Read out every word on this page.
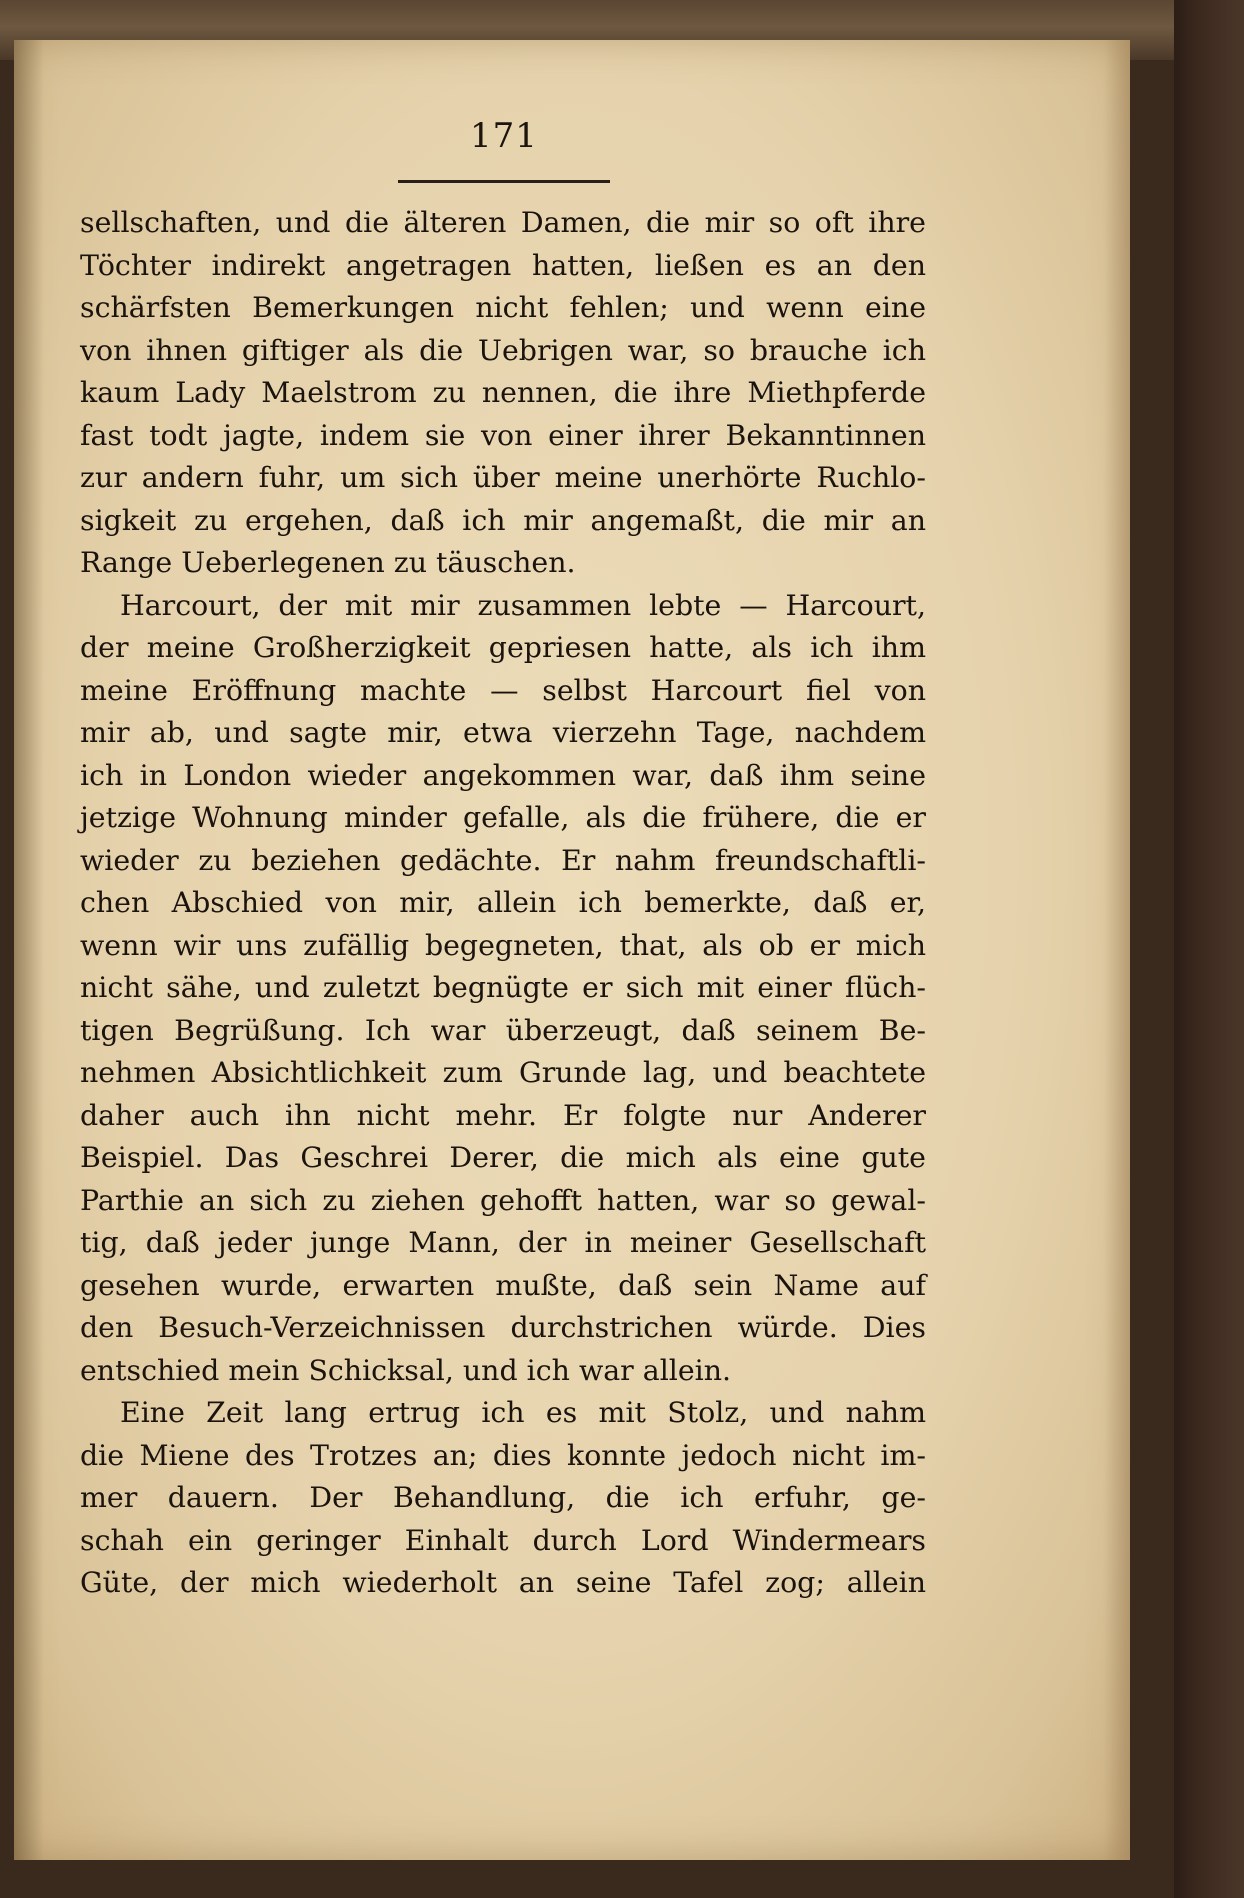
171
sellschaften, und die älteren Damen, die mir so oft ihre
Töchter indirekt angetragen hatten, ließen es an den
schärfsten Bemerkungen nicht fehlen; und wenn eine
von ihnen giftiger als die Uebrigen war, so brauche ich
kaum Lady Maelstrom zu nennen, die ihre Miethpferde
fast todt jagte, indem sie von einer ihrer Bekanntinnen
zur andern fuhr, um sich über meine unerhörte Ruchlo-
sigkeit zu ergehen, daß ich mir angemaßt, die mir an
Range Ueberlegenen zu täuschen.
Harcourt, der mit mir zusammen lebte — Harcourt,
der meine Großherzigkeit gepriesen hatte, als ich ihm
meine Eröffnung machte — selbst Harcourt fiel von
mir ab, und sagte mir, etwa vierzehn Tage, nachdem
ich in London wieder angekommen war, daß ihm seine
jetzige Wohnung minder gefalle, als die frühere, die er
wieder zu beziehen gedächte. Er nahm freundschaftli-
chen Abschied von mir, allein ich bemerkte, daß er,
wenn wir uns zufällig begegneten, that, als ob er mich
nicht sähe, und zuletzt begnügte er sich mit einer flüch-
tigen Begrüßung. Ich war überzeugt, daß seinem Be-
nehmen Absichtlichkeit zum Grunde lag, und beachtete
daher auch ihn nicht mehr. Er folgte nur Anderer
Beispiel. Das Geschrei Derer, die mich als eine gute
Parthie an sich zu ziehen gehofft hatten, war so gewal-
tig, daß jeder junge Mann, der in meiner Gesellschaft
gesehen wurde, erwarten mußte, daß sein Name auf
den Besuch-Verzeichnissen durchstrichen würde. Dies
entschied mein Schicksal, und ich war allein.
Eine Zeit lang ertrug ich es mit Stolz, und nahm
die Miene des Trotzes an; dies konnte jedoch nicht im-
mer dauern. Der Behandlung, die ich erfuhr, ge-
schah ein geringer Einhalt durch Lord Windermears
Güte, der mich wiederholt an seine Tafel zog; allein
